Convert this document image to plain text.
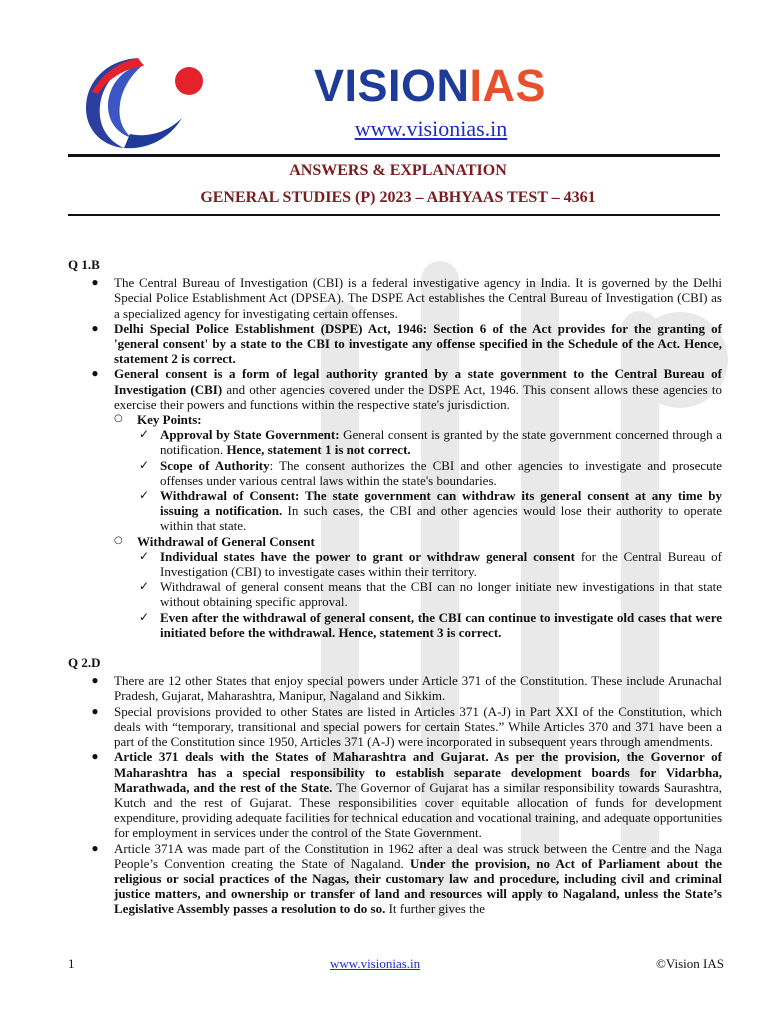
VISIONIAS
www.visionias.in
ANSWERS & EXPLANATION
GENERAL STUDIES (P) 2023 – ABHYAAS TEST – 4361
Q 1.B
● The Central Bureau of Investigation (CBI) is a federal investigative agency in India. It is governed by the Delhi Special Police Establishment Act (DPSEA). The DSPE Act establishes the Central Bureau of Investigation (CBI) as a specialized agency for investigating certain offenses.
● Delhi Special Police Establishment (DSPE) Act, 1946: Section 6 of the Act provides for the granting of 'general consent' by a state to the CBI to investigate any offense specified in the Schedule of the Act. Hence, statement 2 is correct.
● General consent is a form of legal authority granted by a state government to the Central Bureau of Investigation (CBI) and other agencies covered under the DSPE Act, 1946. This consent allows these agencies to exercise their powers and functions within the respective state's jurisdiction.
○ Key Points:
✓ Approval by State Government: General consent is granted by the state government concerned through a notification. Hence, statement 1 is not correct.
✓ Scope of Authority: The consent authorizes the CBI and other agencies to investigate and prosecute offenses under various central laws within the state's boundaries.
✓ Withdrawal of Consent: The state government can withdraw its general consent at any time by issuing a notification. In such cases, the CBI and other agencies would lose their authority to operate within that state.
○ Withdrawal of General Consent
✓ Individual states have the power to grant or withdraw general consent for the Central Bureau of Investigation (CBI) to investigate cases within their territory.
✓ Withdrawal of general consent means that the CBI can no longer initiate new investigations in that state without obtaining specific approval.
✓ Even after the withdrawal of general consent, the CBI can continue to investigate old cases that were initiated before the withdrawal. Hence, statement 3 is correct.
Q 2.D
● There are 12 other States that enjoy special powers under Article 371 of the Constitution. These include Arunachal Pradesh, Gujarat, Maharashtra, Manipur, Nagaland and Sikkim.
● Special provisions provided to other States are listed in Articles 371 (A-J) in Part XXI of the Constitution, which deals with “temporary, transitional and special powers for certain States.” While Articles 370 and 371 have been a part of the Constitution since 1950, Articles 371 (A-J) were incorporated in subsequent years through amendments.
● Article 371 deals with the States of Maharashtra and Gujarat. As per the provision, the Governor of Maharashtra has a special responsibility to establish separate development boards for Vidarbha, Marathwada, and the rest of the State. The Governor of Gujarat has a similar responsibility towards Saurashtra, Kutch and the rest of Gujarat. These responsibilities cover equitable allocation of funds for development expenditure, providing adequate facilities for technical education and vocational training, and adequate opportunities for employment in services under the control of the State Government.
● Article 371A was made part of the Constitution in 1962 after a deal was struck between the Centre and the Naga People’s Convention creating the State of Nagaland. Under the provision, no Act of Parliament about the religious or social practices of the Nagas, their customary law and procedure, including civil and criminal justice matters, and ownership or transfer of land and resources will apply to Nagaland, unless the State’s Legislative Assembly passes a resolution to do so. It further gives the
1	www.visionias.in	©Vision IAS
